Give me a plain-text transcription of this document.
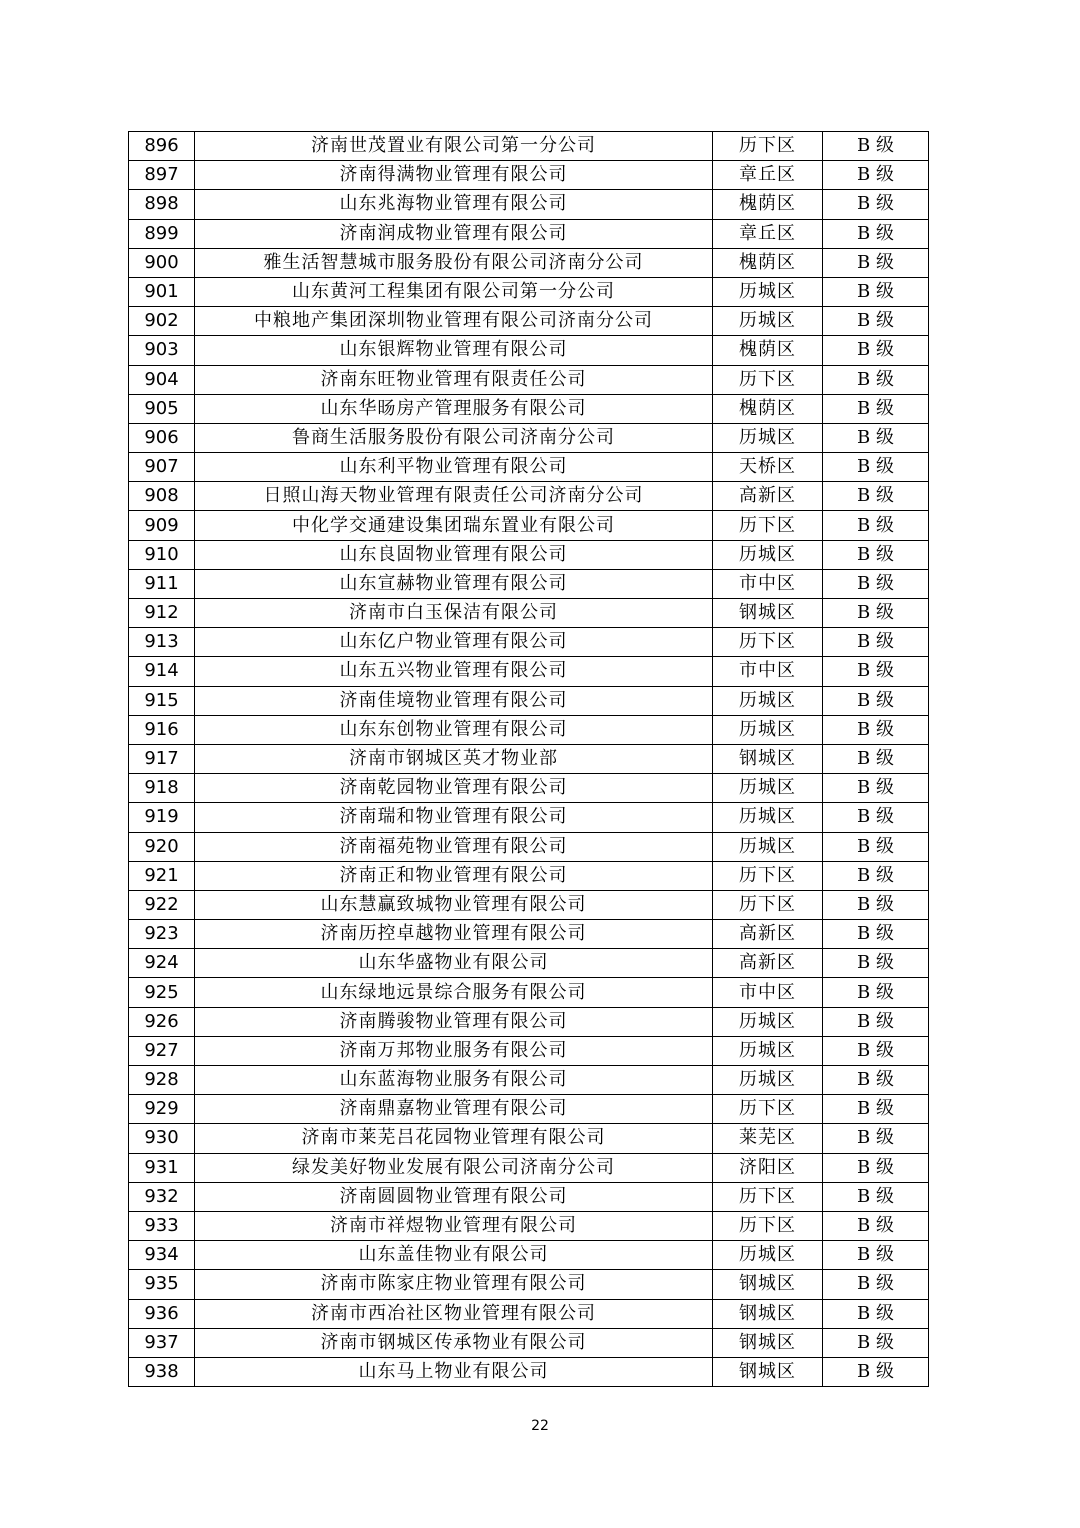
896	济南世茂置业有限公司第一分公司	历下区	B 级
897	济南得满物业管理有限公司	章丘区	B 级
898	山东兆海物业管理有限公司	槐荫区	B 级
899	济南润成物业管理有限公司	章丘区	B 级
900	雅生活智慧城市服务股份有限公司济南分公司	槐荫区	B 级
901	山东黄河工程集团有限公司第一分公司	历城区	B 级
902	中粮地产集团深圳物业管理有限公司济南分公司	历城区	B 级
903	山东银辉物业管理有限公司	槐荫区	B 级
904	济南东旺物业管理有限责任公司	历下区	B 级
905	山东华旸房产管理服务有限公司	槐荫区	B 级
906	鲁商生活服务股份有限公司济南分公司	历城区	B 级
907	山东利平物业管理有限公司	天桥区	B 级
908	日照山海天物业管理有限责任公司济南分公司	高新区	B 级
909	中化学交通建设集团瑞东置业有限公司	历下区	B 级
910	山东良固物业管理有限公司	历城区	B 级
911	山东宣赫物业管理有限公司	市中区	B 级
912	济南市白玉保洁有限公司	钢城区	B 级
913	山东亿户物业管理有限公司	历下区	B 级
914	山东五兴物业管理有限公司	市中区	B 级
915	济南佳境物业管理有限公司	历城区	B 级
916	山东东创物业管理有限公司	历城区	B 级
917	济南市钢城区英才物业部	钢城区	B 级
918	济南乾园物业管理有限公司	历城区	B 级
919	济南瑞和物业管理有限公司	历城区	B 级
920	济南福苑物业管理有限公司	历城区	B 级
921	济南正和物业管理有限公司	历下区	B 级
922	山东慧赢致城物业管理有限公司	历下区	B 级
923	济南历控卓越物业管理有限公司	高新区	B 级
924	山东华盛物业有限公司	高新区	B 级
925	山东绿地远景综合服务有限公司	市中区	B 级
926	济南腾骏物业管理有限公司	历城区	B 级
927	济南万邦物业服务有限公司	历城区	B 级
928	山东蓝海物业服务有限公司	历城区	B 级
929	济南鼎嘉物业管理有限公司	历下区	B 级
930	济南市莱芜吕花园物业管理有限公司	莱芜区	B 级
931	绿发美好物业发展有限公司济南分公司	济阳区	B 级
932	济南圆圆物业管理有限公司	历下区	B 级
933	济南市祥煜物业管理有限公司	历下区	B 级
934	山东盖佳物业有限公司	历城区	B 级
935	济南市陈家庄物业管理有限公司	钢城区	B 级
936	济南市西冶社区物业管理有限公司	钢城区	B 级
937	济南市钢城区传承物业有限公司	钢城区	B 级
938	山东马上物业有限公司	钢城区	B 级
22
